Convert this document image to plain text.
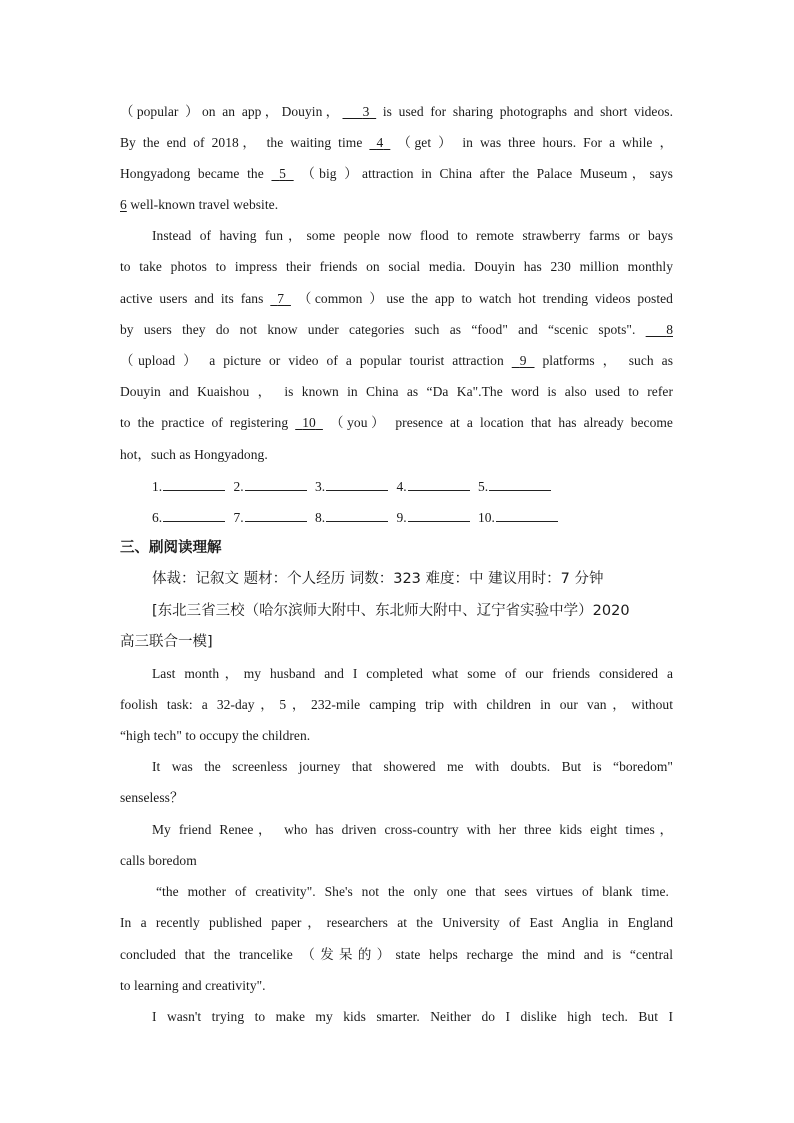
（popular ）on an app，Douyin， 3  is used for sharing photographs and short videos.
By the end of 2018， the waiting time  4  （get ） in was three hours. For a while ，
Hongyadong became the  5  （big ）attraction in China after the Palace Museum，says
6 well-known travel website.
Instead of having fun，some people now flood to remote strawberry farms or bays
to take photos to impress their friends on social media. Douyin has 230 million monthly
active users and its fans  7  （common ）use the app to watch hot trending videos posted
by users they do not know under categories such as “food" and “scenic spots".   8
（upload ） a picture or video of a popular tourist attraction  9  platforms ， such as
Douyin and Kuaishou ， is known in China as “Da Ka".The word is also used to refer
to the practice of registering  10  （you） presence at a location that has already become
hot，such as Hongyadong.
1.	2.	3.	4.	5.
6.	7.	8.	9.	10.
三、刷阅读理解
体裁：记叙文 题材：个人经历 词数：323 难度：中 建议用时：7 分钟
[东北三省三校（哈尔滨师大附中、东北师大附中、辽宁省实验中学）2020
高三联合一模]
Last month，my husband and I completed what some of our friends considered a
foolish task: a 32-day，5，232-mile camping trip with children in our van，without
“high tech" to occupy the children.
It was the screenless journey that showered me with doubts. But is “boredom"
senseless？
My friend Renee， who has driven cross-country with her three kids eight times，
calls boredom
“the mother of creativity". She's not the only one that sees virtues of blank time.
In a recently published paper，researchers at the University of East Anglia in England
concluded that the trancelike （发呆的）state helps recharge the mind and is “central
to learning and creativity".
I wasn't trying to make my kids smarter. Neither do I dislike high tech. But I
